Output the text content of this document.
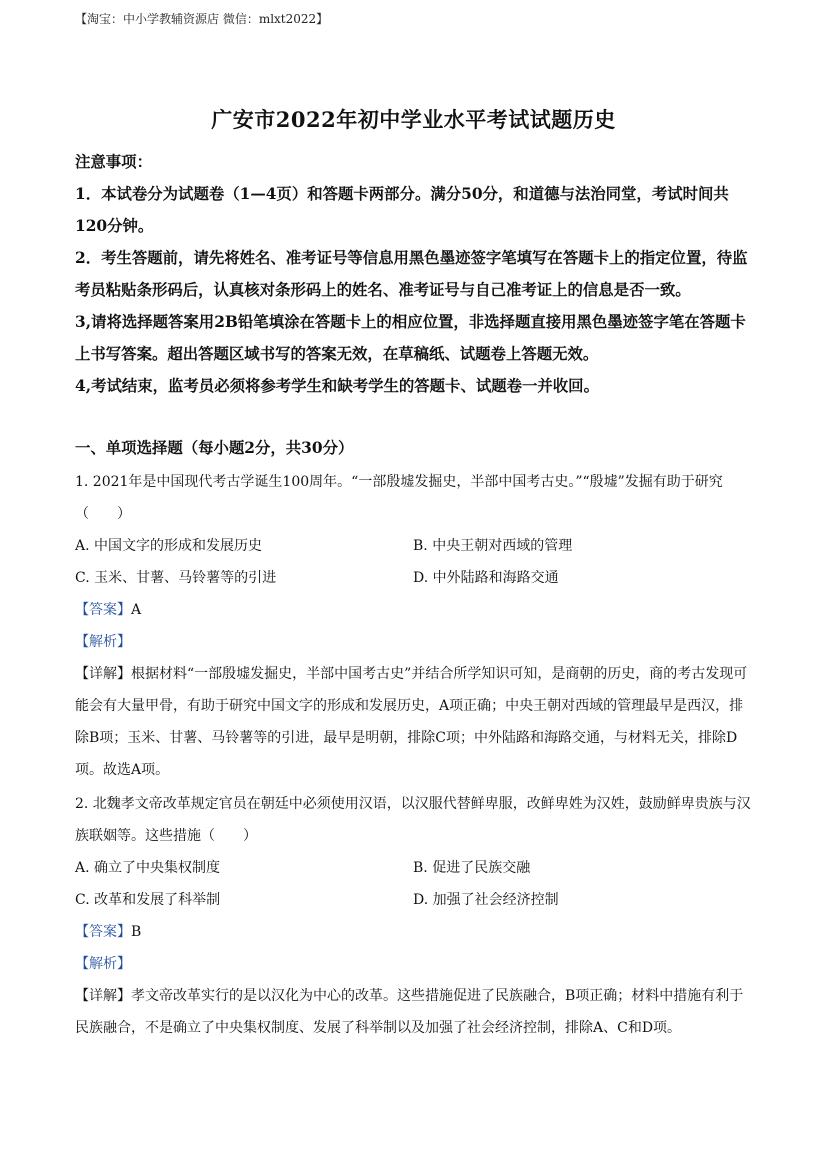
【淘宝：中小学教辅资源店 微信：mlxt2022】
广安市2022年初中学业水平考试试题历史

注意事项：

1．本试卷分为试题卷（1—4页）和答题卡两部分。满分50分，和道德与法治同堂，考试时间共120分钟。

2．考生答题前，请先将姓名、准考证号等信息用黑色墨迹签字笔填写在答题卡上的指定位置，待监考员粘贴条形码后，认真核对条形码上的姓名、准考证号与自己准考证上的信息是否一致。

3,请将选择题答案用2B铅笔填涂在答题卡上的相应位置，非选择题直接用黑色墨迹签字笔在答题卡上书写答案。超出答题区域书写的答案无效，在草稿纸、试题卷上答题无效。

4,考试结束，监考员必须将参考学生和缺考学生的答题卡、试题卷一并收回。

一、单项选择题（每小题2分，共30分）

1. 2021年是中国现代考古学诞生100周年。“一部殷墟发掘史，半部中国考古史。”“殷墟”发掘有助于研究（　　）

A. 中国文字的形成和发展历史	B. 中央王朝对西域的管理
C. 玉米、甘薯、马铃薯等的引进	D. 中外陆路和海路交通

【答案】A

【解析】

【详解】根据材料“一部殷墟发掘史，半部中国考古史”并结合所学知识可知，是商朝的历史，商的考古发现可能会有大量甲骨，有助于研究中国文字的形成和发展历史，A项正确；中央王朝对西域的管理最早是西汉，排除B项；玉米、甘薯、马铃薯等的引进，最早是明朝，排除C项；中外陆路和海路交通，与材料无关，排除D项。故选A项。

2. 北魏孝文帝改革规定官员在朝廷中必须使用汉语，以汉服代替鲜卑服，改鲜卑姓为汉姓，鼓励鲜卑贵族与汉族联姻等。这些措施（　　）

A. 确立了中央集权制度	B. 促进了民族交融
C. 改革和发展了科举制	D. 加强了社会经济控制

【答案】B

【解析】

【详解】孝文帝改革实行的是以汉化为中心的改革。这些措施促进了民族融合，B项正确；材料中措施有利于民族融合，不是确立了中央集权制度、发展了科举制以及加强了社会经济控制，排除A、C和D项。
